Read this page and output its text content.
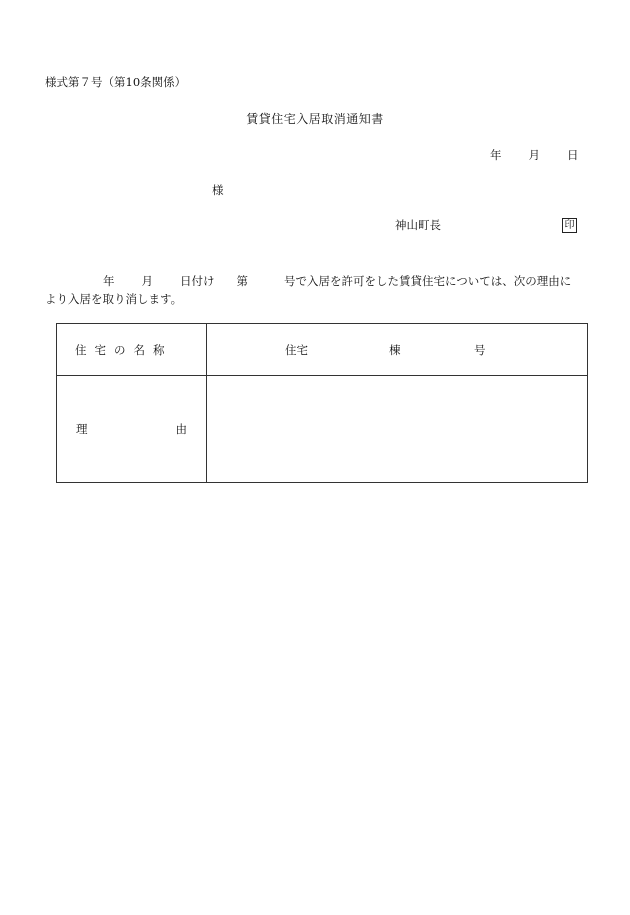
様式第７号（第10条関係）
賃貸住宅入居取消通知書
年 月 日
様
神山町長	印
年 月 日付け 第	号で入居を許可をした賃貸住宅については、次の理由に
より入居を取り消します。
住宅の名称	住宅 棟 号

理 由	
